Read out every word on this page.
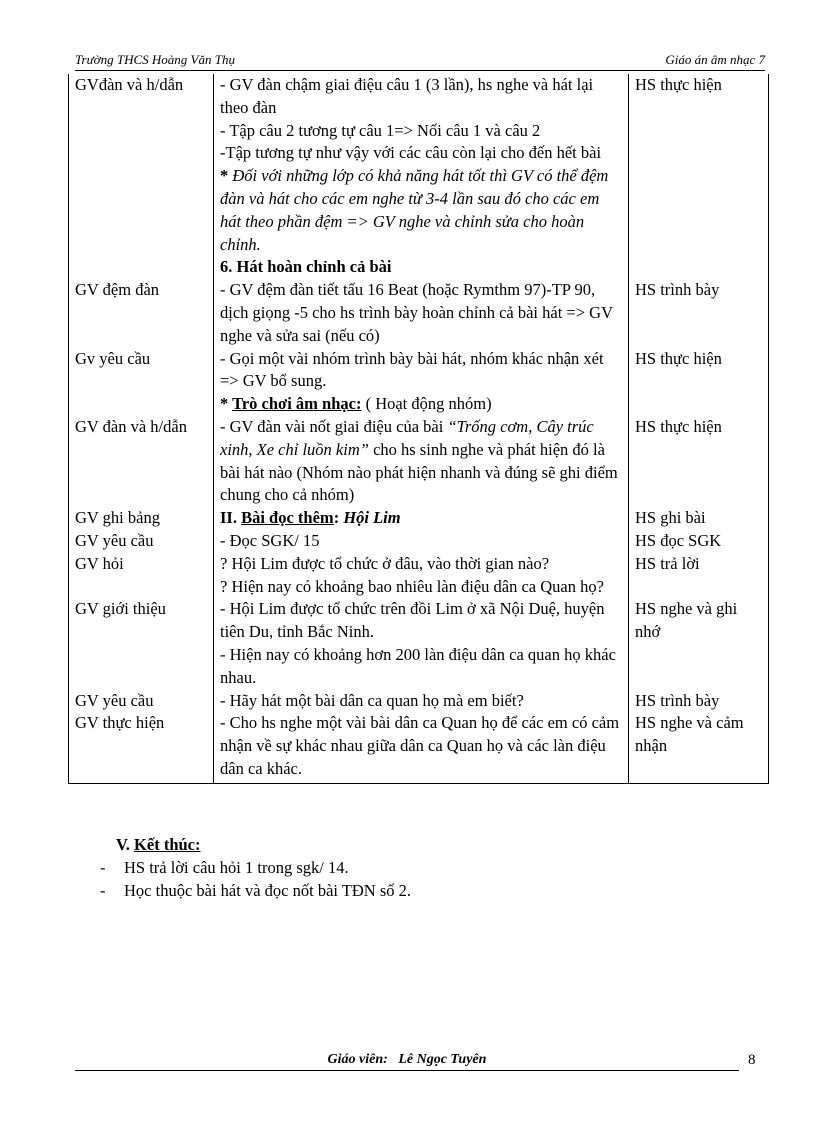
Trường THCS Hoàng Văn Thụ	Giáo án âm nhạc 7
GVđàn và h/dẫn	- GV đàn chậm giai điệu câu 1 (3 lần), hs nghe và hát lại theo đàn
- Tập câu 2 tương tự câu 1=> Nối câu 1 và câu 2
-Tập tương tự như vậy với các câu còn lại cho đến hết bài
* Đối với những lớp có khả năng hát tốt thì GV có thể đệm đàn và hát cho các em nghe từ 3-4 lần sau đó cho các em hát theo phần đệm => GV nghe và chỉnh sửa cho hoàn chỉnh.	HS thực hiện
	6. Hát hoàn chỉnh cả bài	
GV đệm đàn	- GV đệm đàn tiết tấu 16 Beat (hoặc Rymthm 97)-TP 90, dịch giọng -5 cho hs trình bày hoàn chỉnh cả bài hát => GV nghe và sửa sai (nếu có)	HS trình bày
Gv yêu cầu	- Gọi một vài nhóm trình bày bài hát, nhóm khác nhận xét => GV bổ sung.	HS thực hiện
	* Trò chơi âm nhạc: ( Hoạt động nhóm)	
GV đàn và h/dẫn	- GV đàn vài nốt giai điệu của bài “Trống cơm, Cây trúc xinh, Xe chỉ luồn kim” cho hs sinh nghe và phát hiện đó là bài hát nào (Nhóm nào phát hiện nhanh và đúng sẽ ghi điểm chung cho cả nhóm)	HS thực hiện
GV ghi bảng	II. Bài đọc thêm: Hội Lim	HS ghi bài
GV yêu cầu	- Đọc SGK/ 15	HS đọc SGK
GV hỏi	? Hội Lim được tổ chức ở đâu, vào thời gian nào?
? Hiện nay có khoảng bao nhiêu làn điệu dân ca Quan họ?	HS trả lời
GV giới thiệu	- Hội Lim được tổ chức trên đồi Lim ở xã Nội Duệ, huyện tiên Du, tỉnh Bắc Ninh.
- Hiện nay có khoảng hơn 200 làn điệu dân ca quan họ khác nhau.	HS nghe và ghi nhớ
GV yêu cầu	- Hãy hát một bài dân ca quan họ mà em biết?	HS trình bày
GV thực hiện	- Cho hs nghe một vài bài dân ca Quan họ để các em có cảm nhận về sự khác nhau giữa dân ca Quan họ và các làn điệu dân ca khác.	HS nghe và cảm nhận
V. Kết thúc:
- HS trả lời câu hỏi 1 trong sgk/ 14.
- Học thuộc bài hát và đọc nốt bài TĐN số 2.
Giáo viên: Lê Ngọc Tuyên	8
